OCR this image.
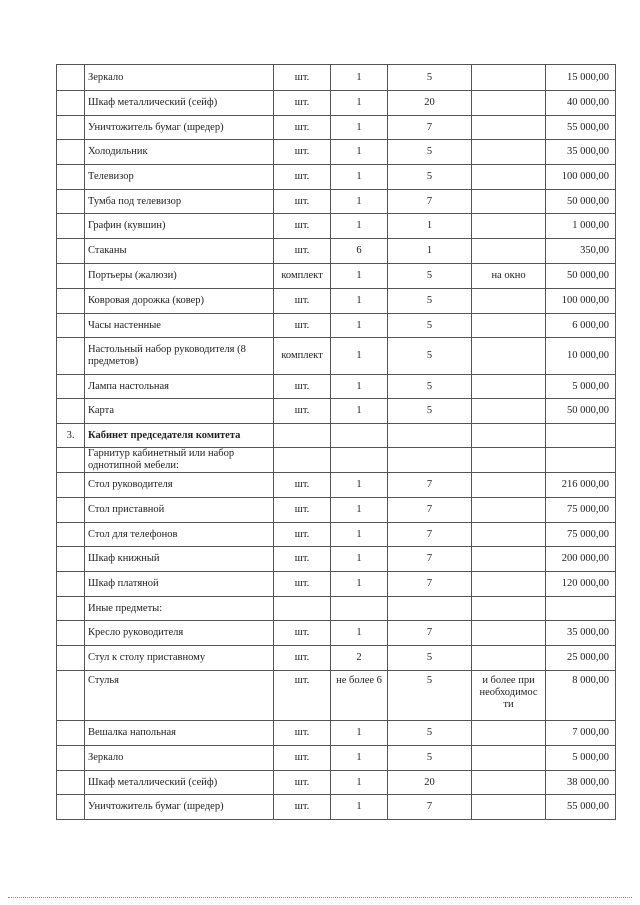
	Зеркало	шт.	1	5		15 000,00
	Шкаф металлический (сейф)	шт.	1	20		40 000,00
	Уничтожитель бумаг (шредер)	шт.	1	7		55 000,00
	Холодильник	шт.	1	5		35 000,00
	Телевизор	шт.	1	5		100 000,00
	Тумба под телевизор	шт.	1	7		50 000,00
	Графин (кувшин)	шт.	1	1		1 000,00
	Стаканы	шт.	6	1		350,00
	Портьеры (жалюзи)	комплект	1	5	на окно	50 000,00
	Ковровая дорожка (ковер)	шт.	1	5		100 000,00
	Часы настенные	шт.	1	5		6 000,00
	Настольный набор руководителя (8 предметов)	комплект	1	5		10 000,00
	Лампа настольная	шт.	1	5		5 000,00
	Карта	шт.	1	5		50 000,00
3.	Кабинет председателя комитета					
	Гарнитур кабинетный или набор однотипной мебели:					
	Стол руководителя	шт.	1	7		216 000,00
	Стол приставной	шт.	1	7		75 000,00
	Стол для телефонов	шт.	1	7		75 000,00
	Шкаф книжный	шт.	1	7		200 000,00
	Шкаф платяной	шт.	1	7		120 000,00
	Иные предметы:					
	Кресло руководителя	шт.	1	7		35 000,00
	Стул к столу приставному	шт.	2	5		25 000,00
	Стулья	шт.	не более 6	5	и более при необходимос ти	8 000,00
	Вешалка напольная	шт.	1	5		7 000,00
	Зеркало	шт.	1	5		5 000,00
	Шкаф металлический (сейф)	шт.	1	20		38 000,00
	Уничтожитель бумаг (шредер)	шт.	1	7		55 000,00
